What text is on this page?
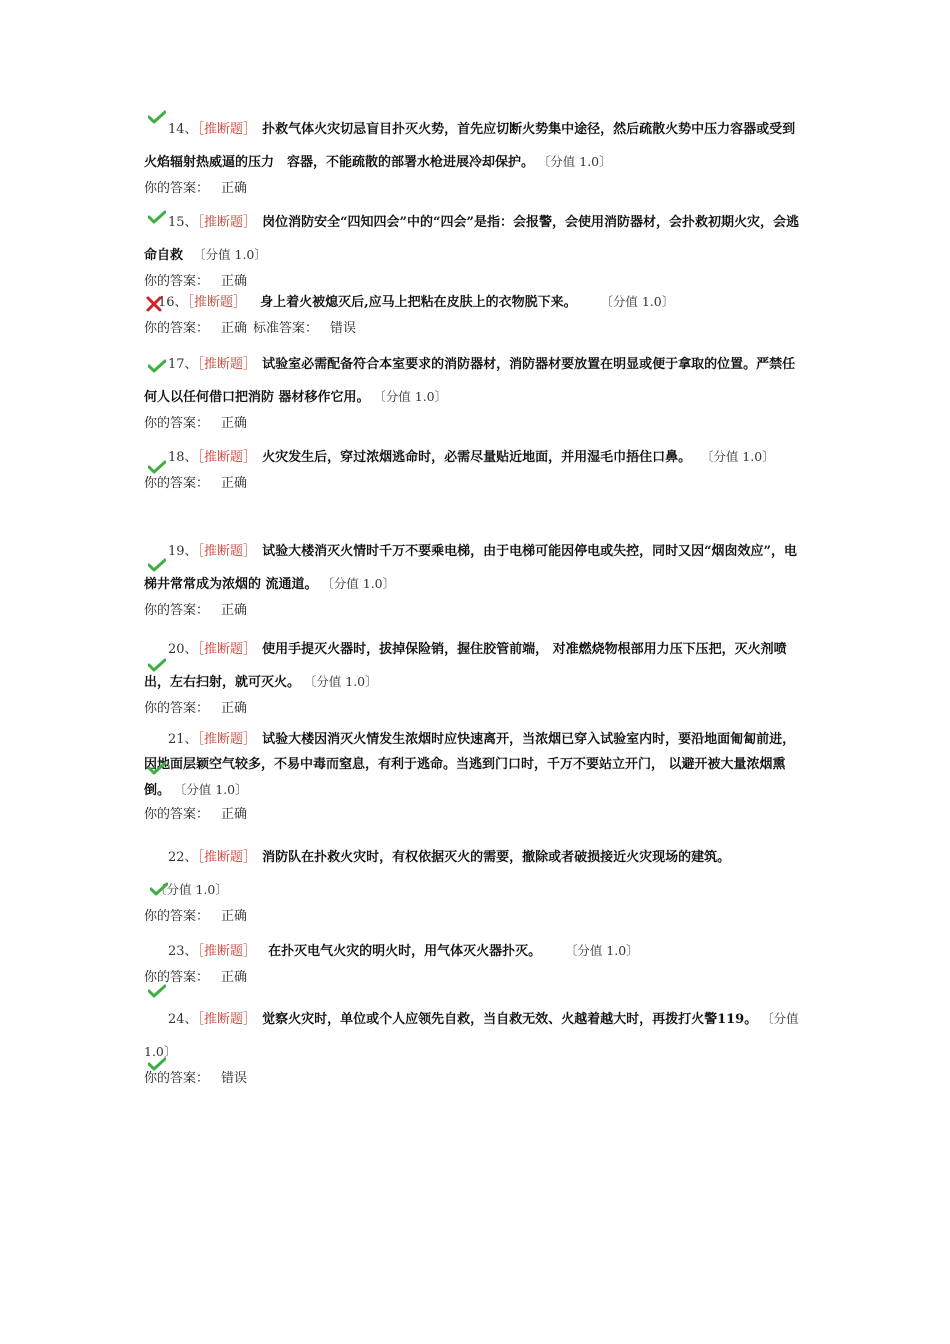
14、［推断题］ 扑救气体火灾切忌盲目扑灭火势，首先应切断火势集中途径，然后疏散火势中压力容器或受到火焰辐射热威逼的压力　容器，不能疏散的部署水枪进展冷却保护。 〔分值 1.0〕

你的答案： 正确

15、［推断题］ 岗位消防安全“四知四会”中的“四会”是指：会报警，会使用消防器材，会扑救初期火灾，会逃命自救 〔分值 1.0〕

你的答案： 正确

16、［推断题］ 身上着火被熄灭后,应马上把粘在皮肤上的衣物脱下来。 〔分值 1.0〕

你的答案： 正确 标准答案： 错误

17、［推断题］ 试验室必需配备符合本室要求的消防器材，消防器材要放置在明显或便于拿取的位置。严禁任何人以任何借口把消防 器材移作它用。 〔分值 1.0〕

你的答案： 正确

18、［推断题］ 火灾发生后，穿过浓烟逃命时，必需尽量贴近地面，并用湿毛巾捂住口鼻。 〔分值 1.0〕

你的答案： 正确

19、［推断题］ 试验大楼消灭火情时千万不要乘电梯，由于电梯可能因停电或失控，同时又因“烟囱效应”，电梯井常常成为浓烟的 流通道。 〔分值 1.0〕

你的答案： 正确

20、［推断题］ 使用手提灭火器时，拔掉保险销，握住胶管前端， 对准燃烧物根部用力压下压把，灭火剂喷出，左右扫射，就可灭火。 〔分值 1.0〕

你的答案： 正确

21、［推断题］ 试验大楼因消灭火情发生浓烟时应快速离开，当浓烟已穿入试验室内时，要沿地面匍匐前进，因地面层颖空气较多，不易中毒而窒息，有利于逃命。当逃到门口时，千万不要站立开门， 以避开被大量浓烟熏倒。 〔分值 1.0〕

你的答案： 正确

22、［推断题］ 消防队在扑救火灾时，有权依据灭火的需要，撤除或者破损接近火灾现场的建筑。〔分值 1.0〕

你的答案： 正确

23、［推断题］ 在扑灭电气火灾的明火时，用气体灭火器扑灭。 〔分值 1.0〕

你的答案： 正确

24、［推断题］ 觉察火灾时，单位或个人应领先自救，当自救无效、火越着越大时，再拨打火警119。 〔分值 1.0〕

你的答案： 错误
